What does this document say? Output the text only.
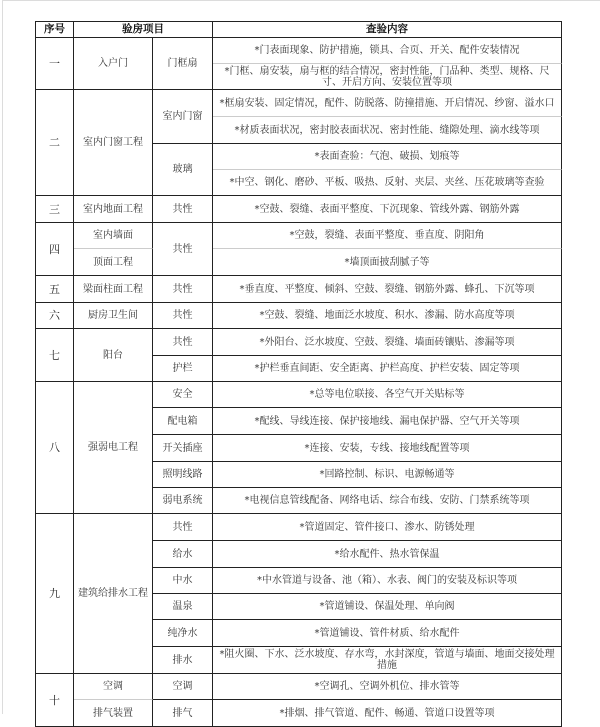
序号	验房项目		查验内容
一	入户门	门框扇	*门表面现象、防护措施，锁具、合页、开关、配件安装情况
			*门框、扇安装，扇与框的结合情况，密封性能，门品种、类型、规格、尺寸、开启方向、安装位置等项
二	室内门窗工程	室内门窗	*框扇安装、固定情况，配件、防脱落、防撞措施、开启情况、纱窗、溢水口
			*材质表面状况，密封胶表面状况、密封性能、缝隙处理、滴水线等项
		玻璃	*表面查验：气泡、破损、划痕等
			*中空、钢化、磨砂、平板、吸热、反射、夹层、夹丝、压花玻璃等查验
三	室内地面工程	共性	*空鼓、裂缝、表面平整度、下沉现象、管线外露、钢筋外露
四	室内墙面	共性	*空鼓，裂缝、表面平整度、垂直度、阴阳角
	顶面工程		*墙顶面披刮腻子等
五	梁面柱面工程	共性	*垂直度、平整度、倾斜、空鼓、裂缝、钢筋外露、蜂孔、下沉等项
六	厨房卫生间	共性	*空鼓、裂缝、地面泛水坡度、积水、渗漏、防水高度等项
七	阳台	共性	*外阳台、泛水坡度、空鼓、裂缝、墙面砖镶贴、渗漏等项
		护栏	*护栏垂直间距、安全距离、护栏高度、护栏安装、固定等项
八	强弱电工程	安全	*总等电位联接、各空气开关贴标等
		配电箱	*配线、导线连接、保护接地线、漏电保护器、空气开关等项
		开关插座	*连接、安装，专线、接地线配置等项
		照明线路	*回路控制、标识、电源畅通等
		弱电系统	*电视信息管线配备、网络电话、综合布线、安防、门禁系统等项
九	建筑给排水工程	共性	*管道固定、管件接口、渗水、防锈处理
		给水	*给水配件、热水管保温
		中水	*中水管道与设备、池（箱）、水表、阀门的安装及标识等项
		温泉	*管道铺设、保温处理、单向阀
		纯净水	*管道铺设、管件材质、给水配件
		排水	*阻火圈、下水、泛水坡度、存水弯，水封深度，管道与墙面、地面交接处理措施
十	空调	空调	*空调孔、空调外机位、排水管等
	排气装置	排气	*排烟、排气管道、配件、畅通、管道口设置等项
